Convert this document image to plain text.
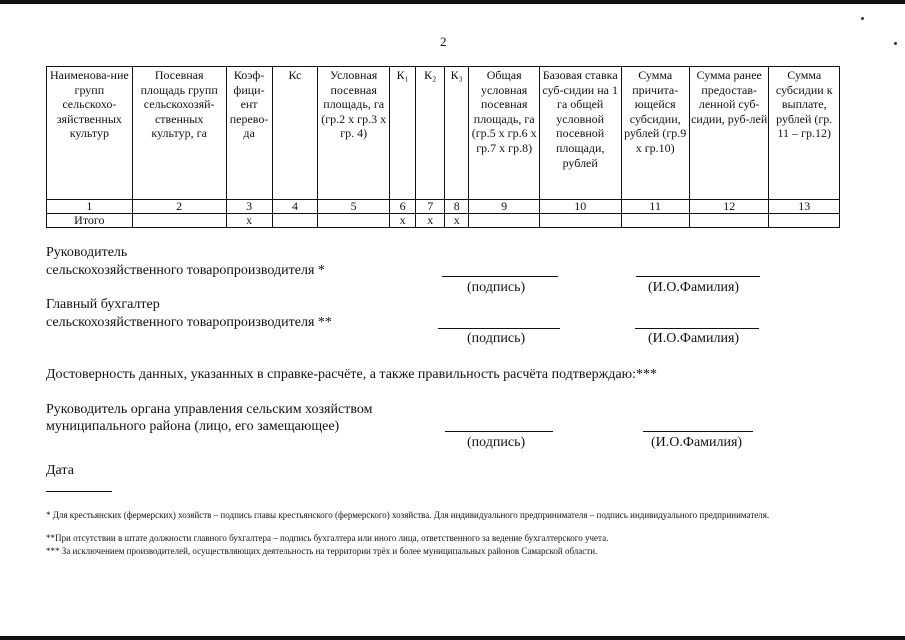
2
Наименова-ние групп сельскохо-зяйственных культур	Посевная площадь групп сельскохозяй-ственных культур, га	Коэф-фици-ент перево-да	Кс	Условная посевная площадь, га (гр.2 х гр.3 х гр. 4)	К₁	К₂	К₃	Общая условная посевная площадь, га (гр.5 х гр.6 х гр.7 х гр.8)	Базовая ставка суб-сидии на 1 га общей условной посевной площади, рублей	Сумма причита-ющейся субсидии, рублей (гр.9 х гр.10)	Сумма ранее предостав-ленной суб-сидии, руб-лей	Сумма субсидии к выплате, рублей (гр. 11 – гр.12)
1	2	3	4	5	6	7	8	9	10	11	12	13
Итого		х			х	х	х					
Руководитель
сельскохозяйственного товаропроизводителя *
(подпись)	(И.О.Фамилия)
Главный бухгалтер
сельскохозяйственного товаропроизводителя **
(подпись)	(И.О.Фамилия)
Достоверность данных, указанных в справке-расчёте, а также правильность расчёта подтверждаю:***
Руководитель органа управления сельским хозяйством
муниципального района (лицо, его замещающее)
(подпись)	(И.О.Фамилия)
Дата
* Для крестьянских (фермерских) хозяйств – подпись главы крестьянского (фермерского) хозяйства. Для индивидуального предпринимателя – подпись индивидуального предпринимателя.
**При отсутствии в штате должности главного бухгалтера – подпись бухгалтера или иного лица, ответственного за ведение бухгалтерского учета.
*** За исключением производителей, осуществляющих деятельность на территории трёх и более муниципальных районов Самарской области.
